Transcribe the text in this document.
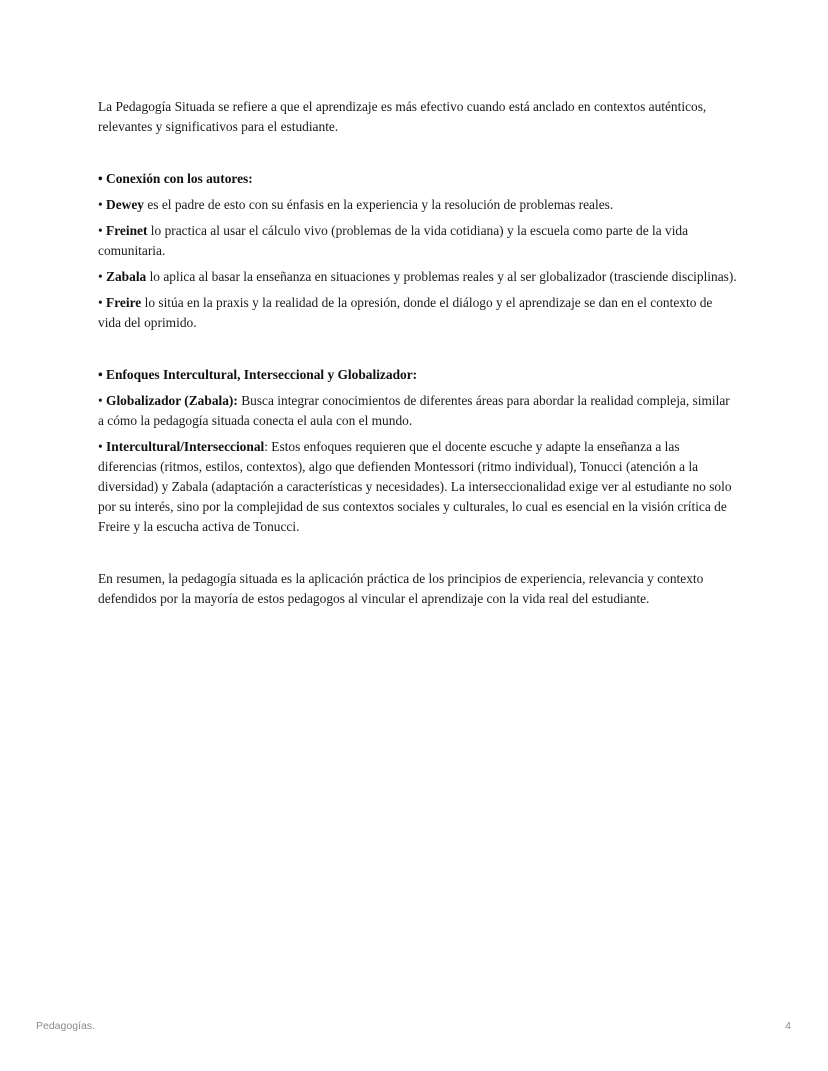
La Pedagogía Situada se refiere a que el aprendizaje es más efectivo cuando está anclado en contextos auténticos, relevantes y significativos para el estudiante.

• Conexión con los autores:

• Dewey es el padre de esto con su énfasis en la experiencia y la resolución de problemas reales.

• Freinet lo practica al usar el cálculo vivo (problemas de la vida cotidiana) y la escuela como parte de la vida comunitaria.

• Zabala lo aplica al basar la enseñanza en situaciones y problemas reales y al ser globalizador (trasciende disciplinas).

• Freire lo sitúa en la praxis y la realidad de la opresión, donde el diálogo y el aprendizaje se dan en el contexto de vida del oprimido.

• Enfoques Intercultural, Interseccional y Globalizador:

• Globalizador (Zabala): Busca integrar conocimientos de diferentes áreas para abordar la realidad compleja, similar a cómo la pedagogía situada conecta el aula con el mundo.

• Intercultural/Interseccional: Estos enfoques requieren que el docente escuche y adapte la enseñanza a las diferencias (ritmos, estilos, contextos), algo que defienden Montessori (ritmo individual), Tonucci (atención a la diversidad) y Zabala (adaptación a características y necesidades). La interseccionalidad exige ver al estudiante no solo por su interés, sino por la complejidad de sus contextos sociales y culturales, lo cual es esencial en la visión crítica de Freire y la escucha activa de Tonucci.

En resumen, la pedagogía situada es la aplicación práctica de los principios de experiencia, relevancia y contexto defendidos por la mayoría de estos pedagogos al vincular el aprendizaje con la vida real del estudiante.

Pedagogías.	4
